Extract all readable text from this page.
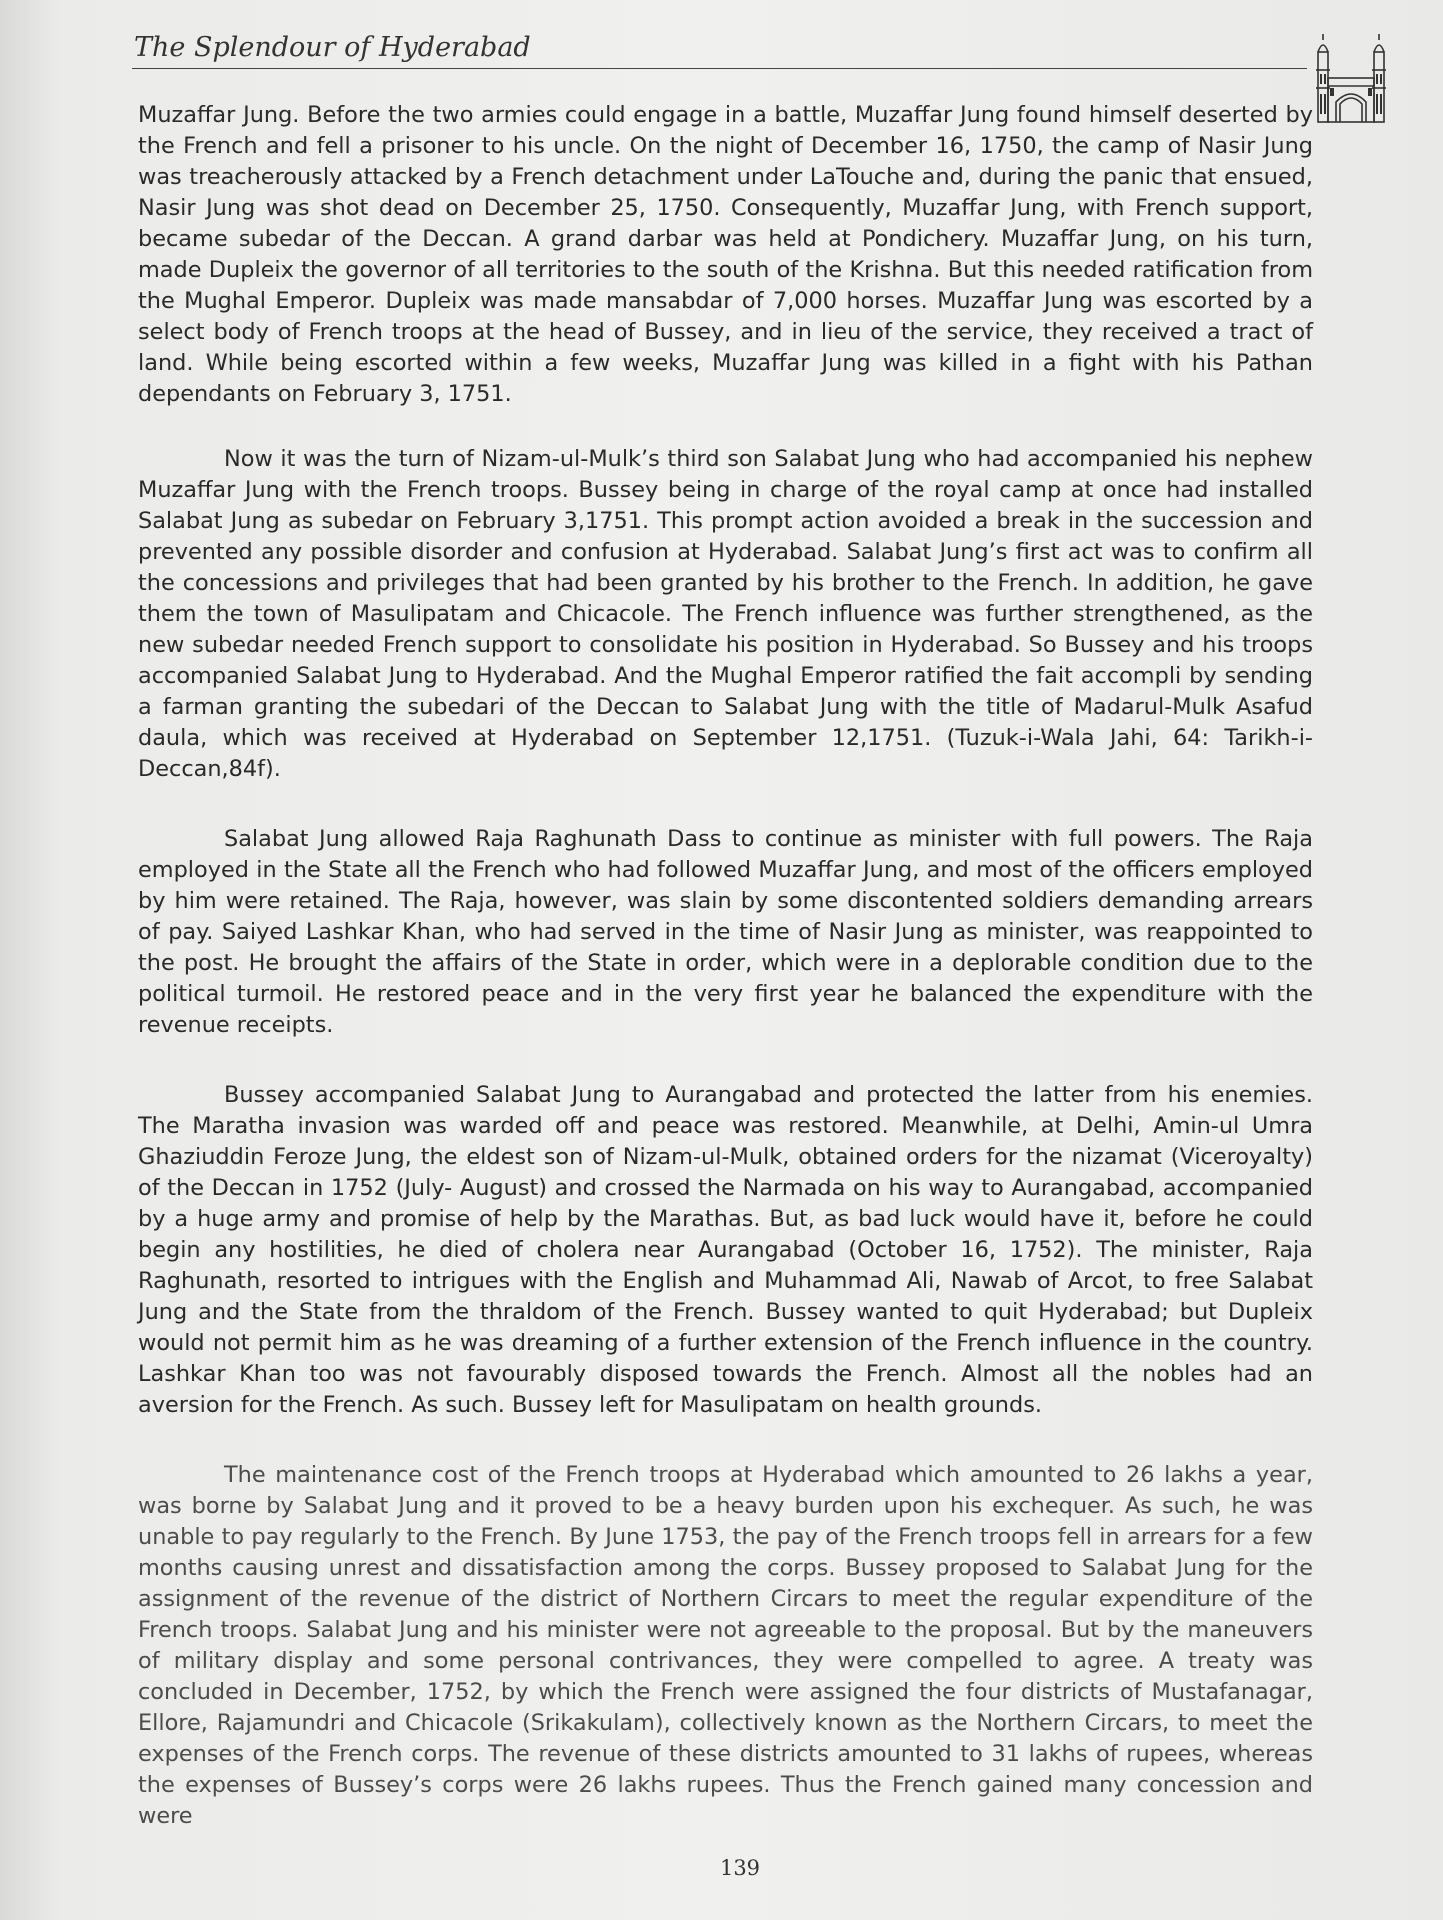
The Splendour of Hyderabad

Muzaffar Jung. Before the two armies could engage in a battle, Muzaffar Jung found himself deserted by the French and fell a prisoner to his uncle. On the night of December 16, 1750, the camp of Nasir Jung was treacherously attacked by a French detachment under LaTouche and, during the panic that ensued, Nasir Jung was shot dead on December 25, 1750. Consequently, Muzaffar Jung, with French support, became subedar of the Deccan. A grand darbar was held at Pondichery. Muzaffar Jung, on his turn, made Dupleix the governor of all territories to the south of the Krishna. But this needed ratification from the Mughal Emperor. Dupleix was made mansabdar of 7,000 horses. Muzaffar Jung was escorted by a select body of French troops at the head of Bussey, and in lieu of the service, they received a tract of land. While being escorted within a few weeks, Muzaffar Jung was killed in a fight with his Pathan dependants on February 3, 1751.

Now it was the turn of Nizam-ul-Mulk’s third son Salabat Jung who had accompanied his nephew Muzaffar Jung with the French troops. Bussey being in charge of the royal camp at once had installed Salabat Jung as subedar on February 3,1751. This prompt action avoided a break in the succession and prevented any possible disorder and confusion at Hyderabad. Salabat Jung’s first act was to confirm all the concessions and privileges that had been granted by his brother to the French. In addition, he gave them the town of Masulipatam and Chicacole. The French influence was further strengthened, as the new subedar needed French support to consolidate his position in Hyderabad. So Bussey and his troops accompanied Salabat Jung to Hyderabad. And the Mughal Emperor ratified the fait accompli by sending a farman granting the subedari of the Deccan to Salabat Jung with the title of Madarul-Mulk Asafud daula, which was received at Hyderabad on September 12,1751. (Tuzuk-i-Wala Jahi, 64: Tarikh-i-Deccan,84f).

Salabat Jung allowed Raja Raghunath Dass to continue as minister with full powers. The Raja employed in the State all the French who had followed Muzaffar Jung, and most of the officers employed by him were retained. The Raja, however, was slain by some discontented soldiers demanding arrears of pay. Saiyed Lashkar Khan, who had served in the time of Nasir Jung as minister, was reappointed to the post. He brought the affairs of the State in order, which were in a deplorable condition due to the political turmoil. He restored peace and in the very first year he balanced the expenditure with the revenue receipts.

Bussey accompanied Salabat Jung to Aurangabad and protected the latter from his enemies. The Maratha invasion was warded off and peace was restored. Meanwhile, at Delhi, Amin-ul Umra Ghaziuddin Feroze Jung, the eldest son of Nizam-ul-Mulk, obtained orders for the nizamat (Viceroyalty) of the Deccan in 1752 (July- August) and crossed the Narmada on his way to Aurangabad, accompanied by a huge army and promise of help by the Marathas. But, as bad luck would have it, before he could begin any hostilities, he died of cholera near Aurangabad (October 16, 1752). The minister, Raja Raghunath, resorted to intrigues with the English and Muhammad Ali, Nawab of Arcot, to free Salabat Jung and the State from the thraldom of the French. Bussey wanted to quit Hyderabad; but Dupleix would not permit him as he was dreaming of a further extension of the French influence in the country. Lashkar Khan too was not favourably disposed towards the French. Almost all the nobles had an aversion for the French. As such. Bussey left for Masulipatam on health grounds.

The maintenance cost of the French troops at Hyderabad which amounted to 26 lakhs a year, was borne by Salabat Jung and it proved to be a heavy burden upon his exchequer. As such, he was unable to pay regularly to the French. By June 1753, the pay of the French troops fell in arrears for a few months causing unrest and dissatisfaction among the corps. Bussey proposed to Salabat Jung for the assignment of the revenue of the district of Northern Circars to meet the regular expenditure of the French troops. Salabat Jung and his minister were not agreeable to the proposal. But by the maneuvers of military display and some personal contrivances, they were compelled to agree. A treaty was concluded in December, 1752, by which the French were assigned the four districts of Mustafanagar, Ellore, Rajamundri and Chicacole (Srikakulam), collectively known as the Northern Circars, to meet the expenses of the French corps. The revenue of these districts amounted to 31 lakhs of rupees, whereas the expenses of Bussey’s corps were 26 lakhs rupees. Thus the French gained many concession and were

139
